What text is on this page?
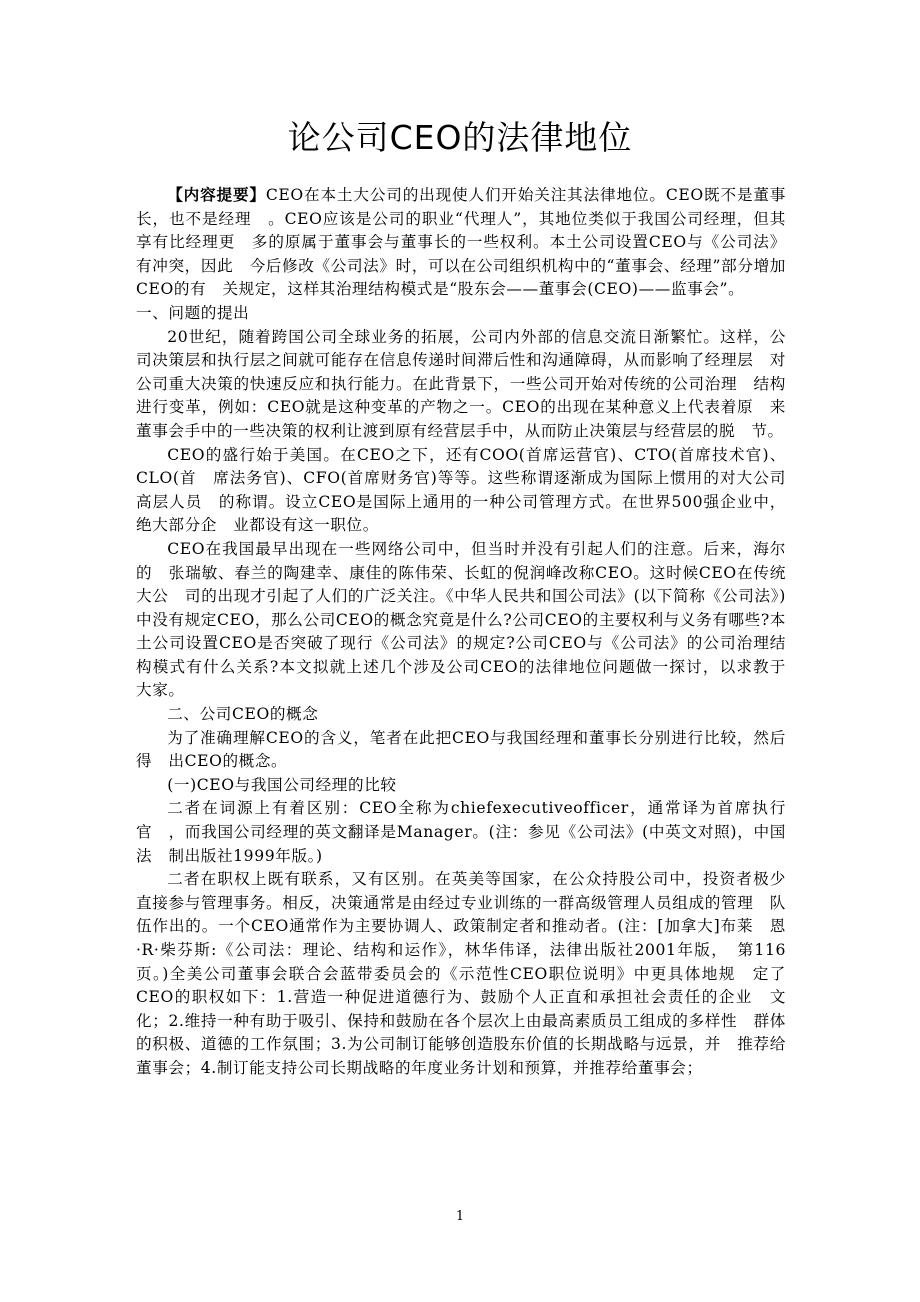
论公司CEO的法律地位

【内容提要】CEO在本土大公司的出现使人们开始关注其法律地位。CEO既不是董事长，也不是经理　。CEO应该是公司的职业“代理人”，其地位类似于我国公司经理，但其享有比经理更　多的原属于董事会与董事长的一些权利。本土公司设置CEO与《公司法》有冲突，因此　今后修改《公司法》时，可以在公司组织机构中的“董事会、经理”部分增加CEO的有　关规定，这样其治理结构模式是“股东会——董事会(CEO)——监事会”。

一、问题的提出

20世纪，随着跨国公司全球业务的拓展，公司内外部的信息交流日渐繁忙。这样，公　司决策层和执行层之间就可能存在信息传递时间滞后性和沟通障碍，从而影响了经理层　对公司重大决策的快速反应和执行能力。在此背景下，一些公司开始对传统的公司治理　结构进行变革，例如：CEO就是这种变革的产物之一。CEO的出现在某种意义上代表着原　来董事会手中的一些决策的权利让渡到原有经营层手中，从而防止决策层与经营层的脱　节。

CEO的盛行始于美国。在CEO之下，还有COO(首席运营官)、CTO(首席技术官)、CLO(首　席法务官)、CFO(首席财务官)等等。这些称谓逐渐成为国际上惯用的对大公司高层人员　的称谓。设立CEO是国际上通用的一种公司管理方式。在世界500强企业中，绝大部分企　业都设有这一职位。

CEO在我国最早出现在一些网络公司中，但当时并没有引起人们的注意。后来，海尔的　张瑞敏、春兰的陶建幸、康佳的陈伟荣、长虹的倪润峰改称CEO。这时候CEO在传统大公　司的出现才引起了人们的广泛关注。《中华人民共和国公司法》(以下简称《公司法》)　中没有规定CEO，那么公司CEO的概念究竟是什么?公司CEO的主要权利与义务有哪些?本　土公司设置CEO是否突破了现行《公司法》的规定?公司CEO与《公司法》的公司治理结　构模式有什么关系?本文拟就上述几个涉及公司CEO的法律地位问题做一探讨，以求教于　大家。

二、公司CEO的概念

为了准确理解CEO的含义，笔者在此把CEO与我国经理和董事长分别进行比较，然后得　出CEO的概念。

(一)CEO与我国公司经理的比较

二者在词源上有着区别：CEO全称为chiefexecutiveofficer，通常译为首席执行官　，而我国公司经理的英文翻译是Manager。(注：参见《公司法》(中英文对照)，中国法　制出版社1999年版。)

二者在职权上既有联系，又有区别。在英美等国家，在公众持股公司中，投资者极少　直接参与管理事务。相反，决策通常是由经过专业训练的一群高级管理人员组成的管理　队伍作出的。一个CEO通常作为主要协调人、政策制定者和推动者。(注：[加拿大]布莱　恩·R·柴芬斯:《公司法：理论、结构和运作》，林华伟译，法律出版社2001年版，　第116页。)全美公司董事会联合会蓝带委员会的《示范性CEO职位说明》中更具体地规　定了CEO的职权如下：1.营造一种促进道德行为、鼓励个人正直和承担社会责任的企业　文化；2.维持一种有助于吸引、保持和鼓励在各个层次上由最高素质员工组成的多样性　群体的积极、道德的工作氛围；3.为公司制订能够创造股东价值的长期战略与远景，并　推荐给董事会；4.制订能支持公司长期战略的年度业务计划和预算，并推荐给董事会；

1
